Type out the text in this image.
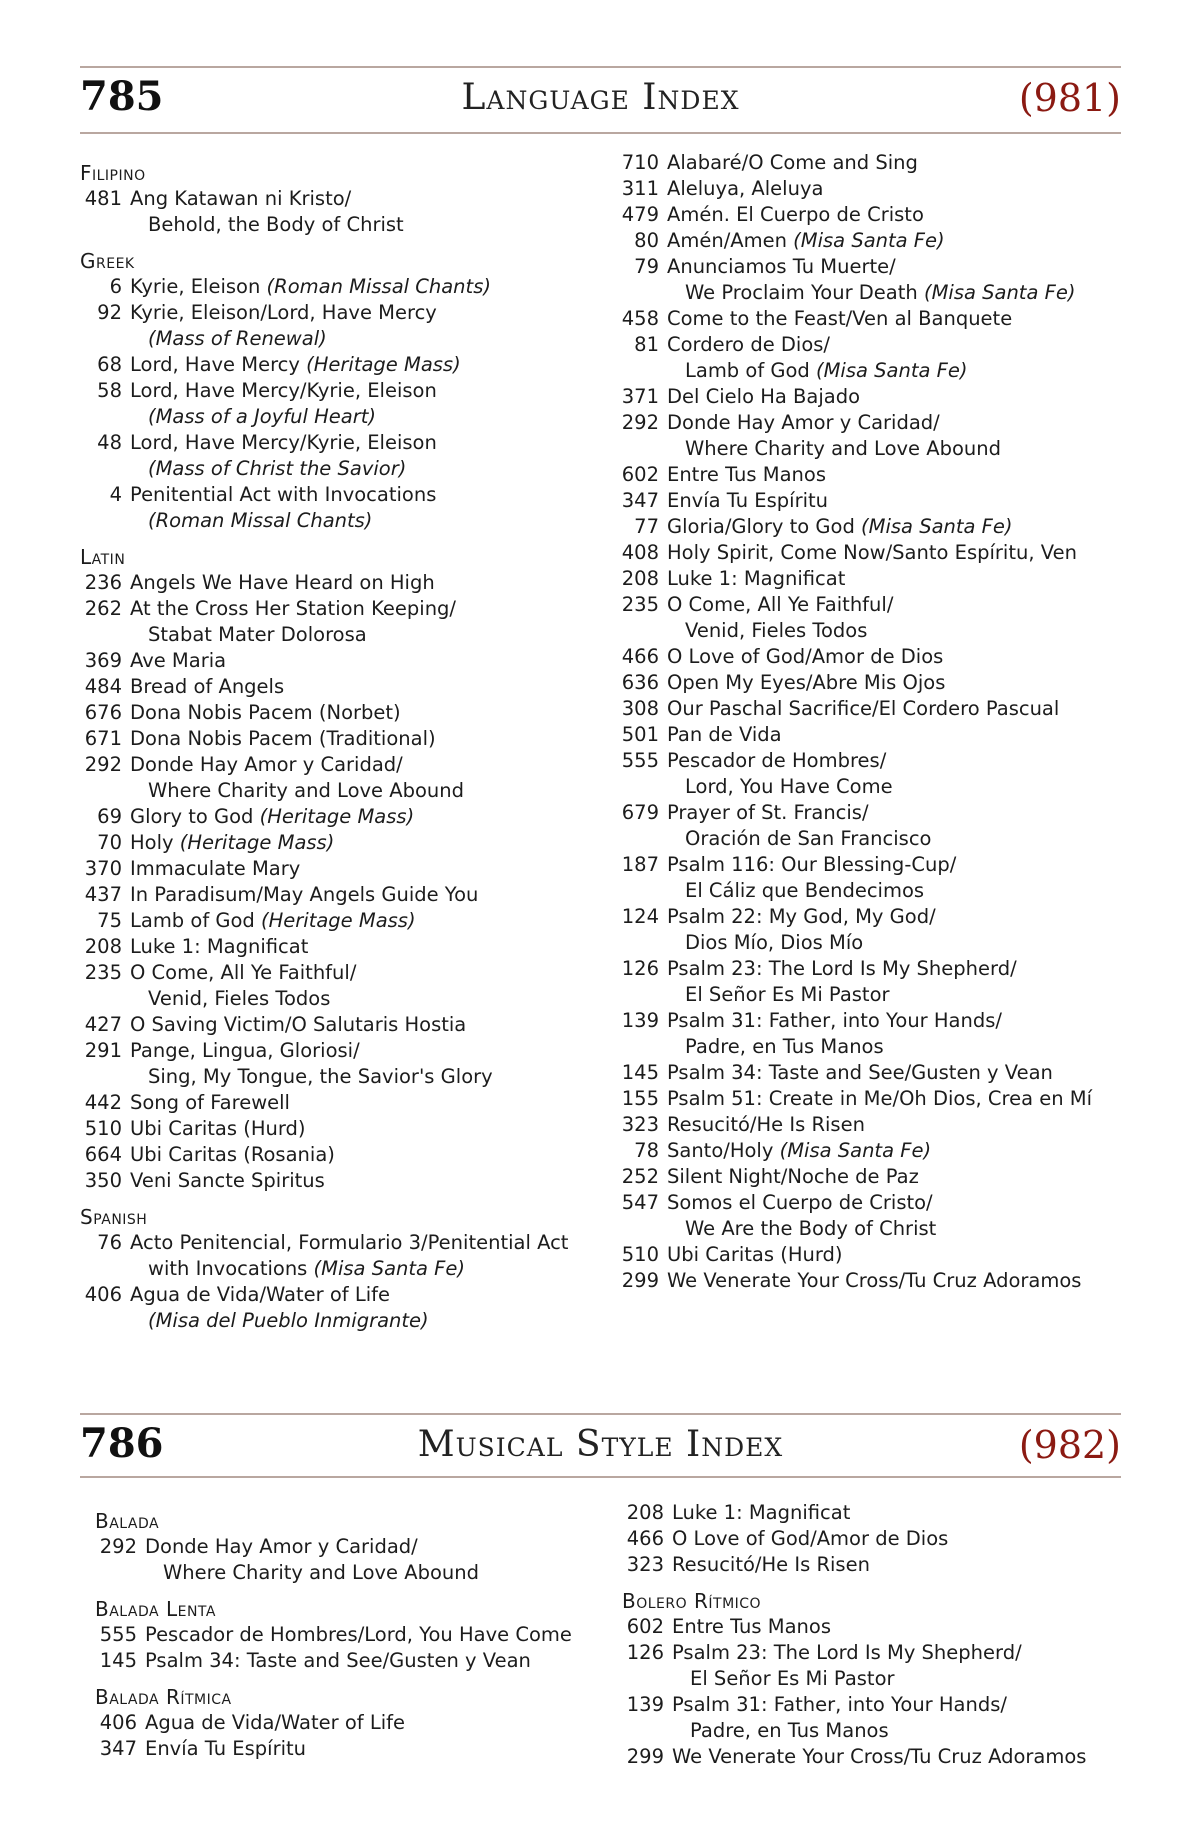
785	Language Index	(981)
Filipino
481 Ang Katawan ni Kristo/
Behold, the Body of Christ
Greek
6 Kyrie, Eleison (Roman Missal Chants)
92 Kyrie, Eleison/Lord, Have Mercy
(Mass of Renewal)
68 Lord, Have Mercy (Heritage Mass)
58 Lord, Have Mercy/Kyrie, Eleison
(Mass of a Joyful Heart)
48 Lord, Have Mercy/Kyrie, Eleison
(Mass of Christ the Savior)
4 Penitential Act with Invocations
(Roman Missal Chants)
Latin
236 Angels We Have Heard on High
262 At the Cross Her Station Keeping/
Stabat Mater Dolorosa
369 Ave Maria
484 Bread of Angels
676 Dona Nobis Pacem (Norbet)
671 Dona Nobis Pacem (Traditional)
292 Donde Hay Amor y Caridad/
Where Charity and Love Abound
69 Glory to God (Heritage Mass)
70 Holy (Heritage Mass)
370 Immaculate Mary
437 In Paradisum/May Angels Guide You
75 Lamb of God (Heritage Mass)
208 Luke 1: Magnificat
235 O Come, All Ye Faithful/
Venid, Fieles Todos
427 O Saving Victim/O Salutaris Hostia
291 Pange, Lingua, Gloriosi/
Sing, My Tongue, the Savior's Glory
442 Song of Farewell
510 Ubi Caritas (Hurd)
664 Ubi Caritas (Rosania)
350 Veni Sancte Spiritus
Spanish
76 Acto Penitencial, Formulario 3/Penitential Act
with Invocations (Misa Santa Fe)
406 Agua de Vida/Water of Life
(Misa del Pueblo Inmigrante)
710 Alabaré/O Come and Sing
311 Aleluya, Aleluya
479 Amén. El Cuerpo de Cristo
80 Amén/Amen (Misa Santa Fe)
79 Anunciamos Tu Muerte/
We Proclaim Your Death (Misa Santa Fe)
458 Come to the Feast/Ven al Banquete
81 Cordero de Dios/
Lamb of God (Misa Santa Fe)
371 Del Cielo Ha Bajado
292 Donde Hay Amor y Caridad/
Where Charity and Love Abound
602 Entre Tus Manos
347 Envía Tu Espíritu
77 Gloria/Glory to God (Misa Santa Fe)
408 Holy Spirit, Come Now/Santo Espíritu, Ven
208 Luke 1: Magnificat
235 O Come, All Ye Faithful/
Venid, Fieles Todos
466 O Love of God/Amor de Dios
636 Open My Eyes/Abre Mis Ojos
308 Our Paschal Sacrifice/El Cordero Pascual
501 Pan de Vida
555 Pescador de Hombres/
Lord, You Have Come
679 Prayer of St. Francis/
Oración de San Francisco
187 Psalm 116: Our Blessing-Cup/
El Cáliz que Bendecimos
124 Psalm 22: My God, My God/
Dios Mío, Dios Mío
126 Psalm 23: The Lord Is My Shepherd/
El Señor Es Mi Pastor
139 Psalm 31: Father, into Your Hands/
Padre, en Tus Manos
145 Psalm 34: Taste and See/Gusten y Vean
155 Psalm 51: Create in Me/Oh Dios, Crea en Mí
323 Resucitó/He Is Risen
78 Santo/Holy (Misa Santa Fe)
252 Silent Night/Noche de Paz
547 Somos el Cuerpo de Cristo/
We Are the Body of Christ
510 Ubi Caritas (Hurd)
299 We Venerate Your Cross/Tu Cruz Adoramos
786	Musical Style Index	(982)
Balada
292 Donde Hay Amor y Caridad/
Where Charity and Love Abound
Balada Lenta
555 Pescador de Hombres/Lord, You Have Come
145 Psalm 34: Taste and See/Gusten y Vean
Balada Rítmica
406 Agua de Vida/Water of Life
347 Envía Tu Espíritu
208 Luke 1: Magnificat
466 O Love of God/Amor de Dios
323 Resucitó/He Is Risen
Bolero Rítmico
602 Entre Tus Manos
126 Psalm 23: The Lord Is My Shepherd/
El Señor Es Mi Pastor
139 Psalm 31: Father, into Your Hands/
Padre, en Tus Manos
299 We Venerate Your Cross/Tu Cruz Adoramos
